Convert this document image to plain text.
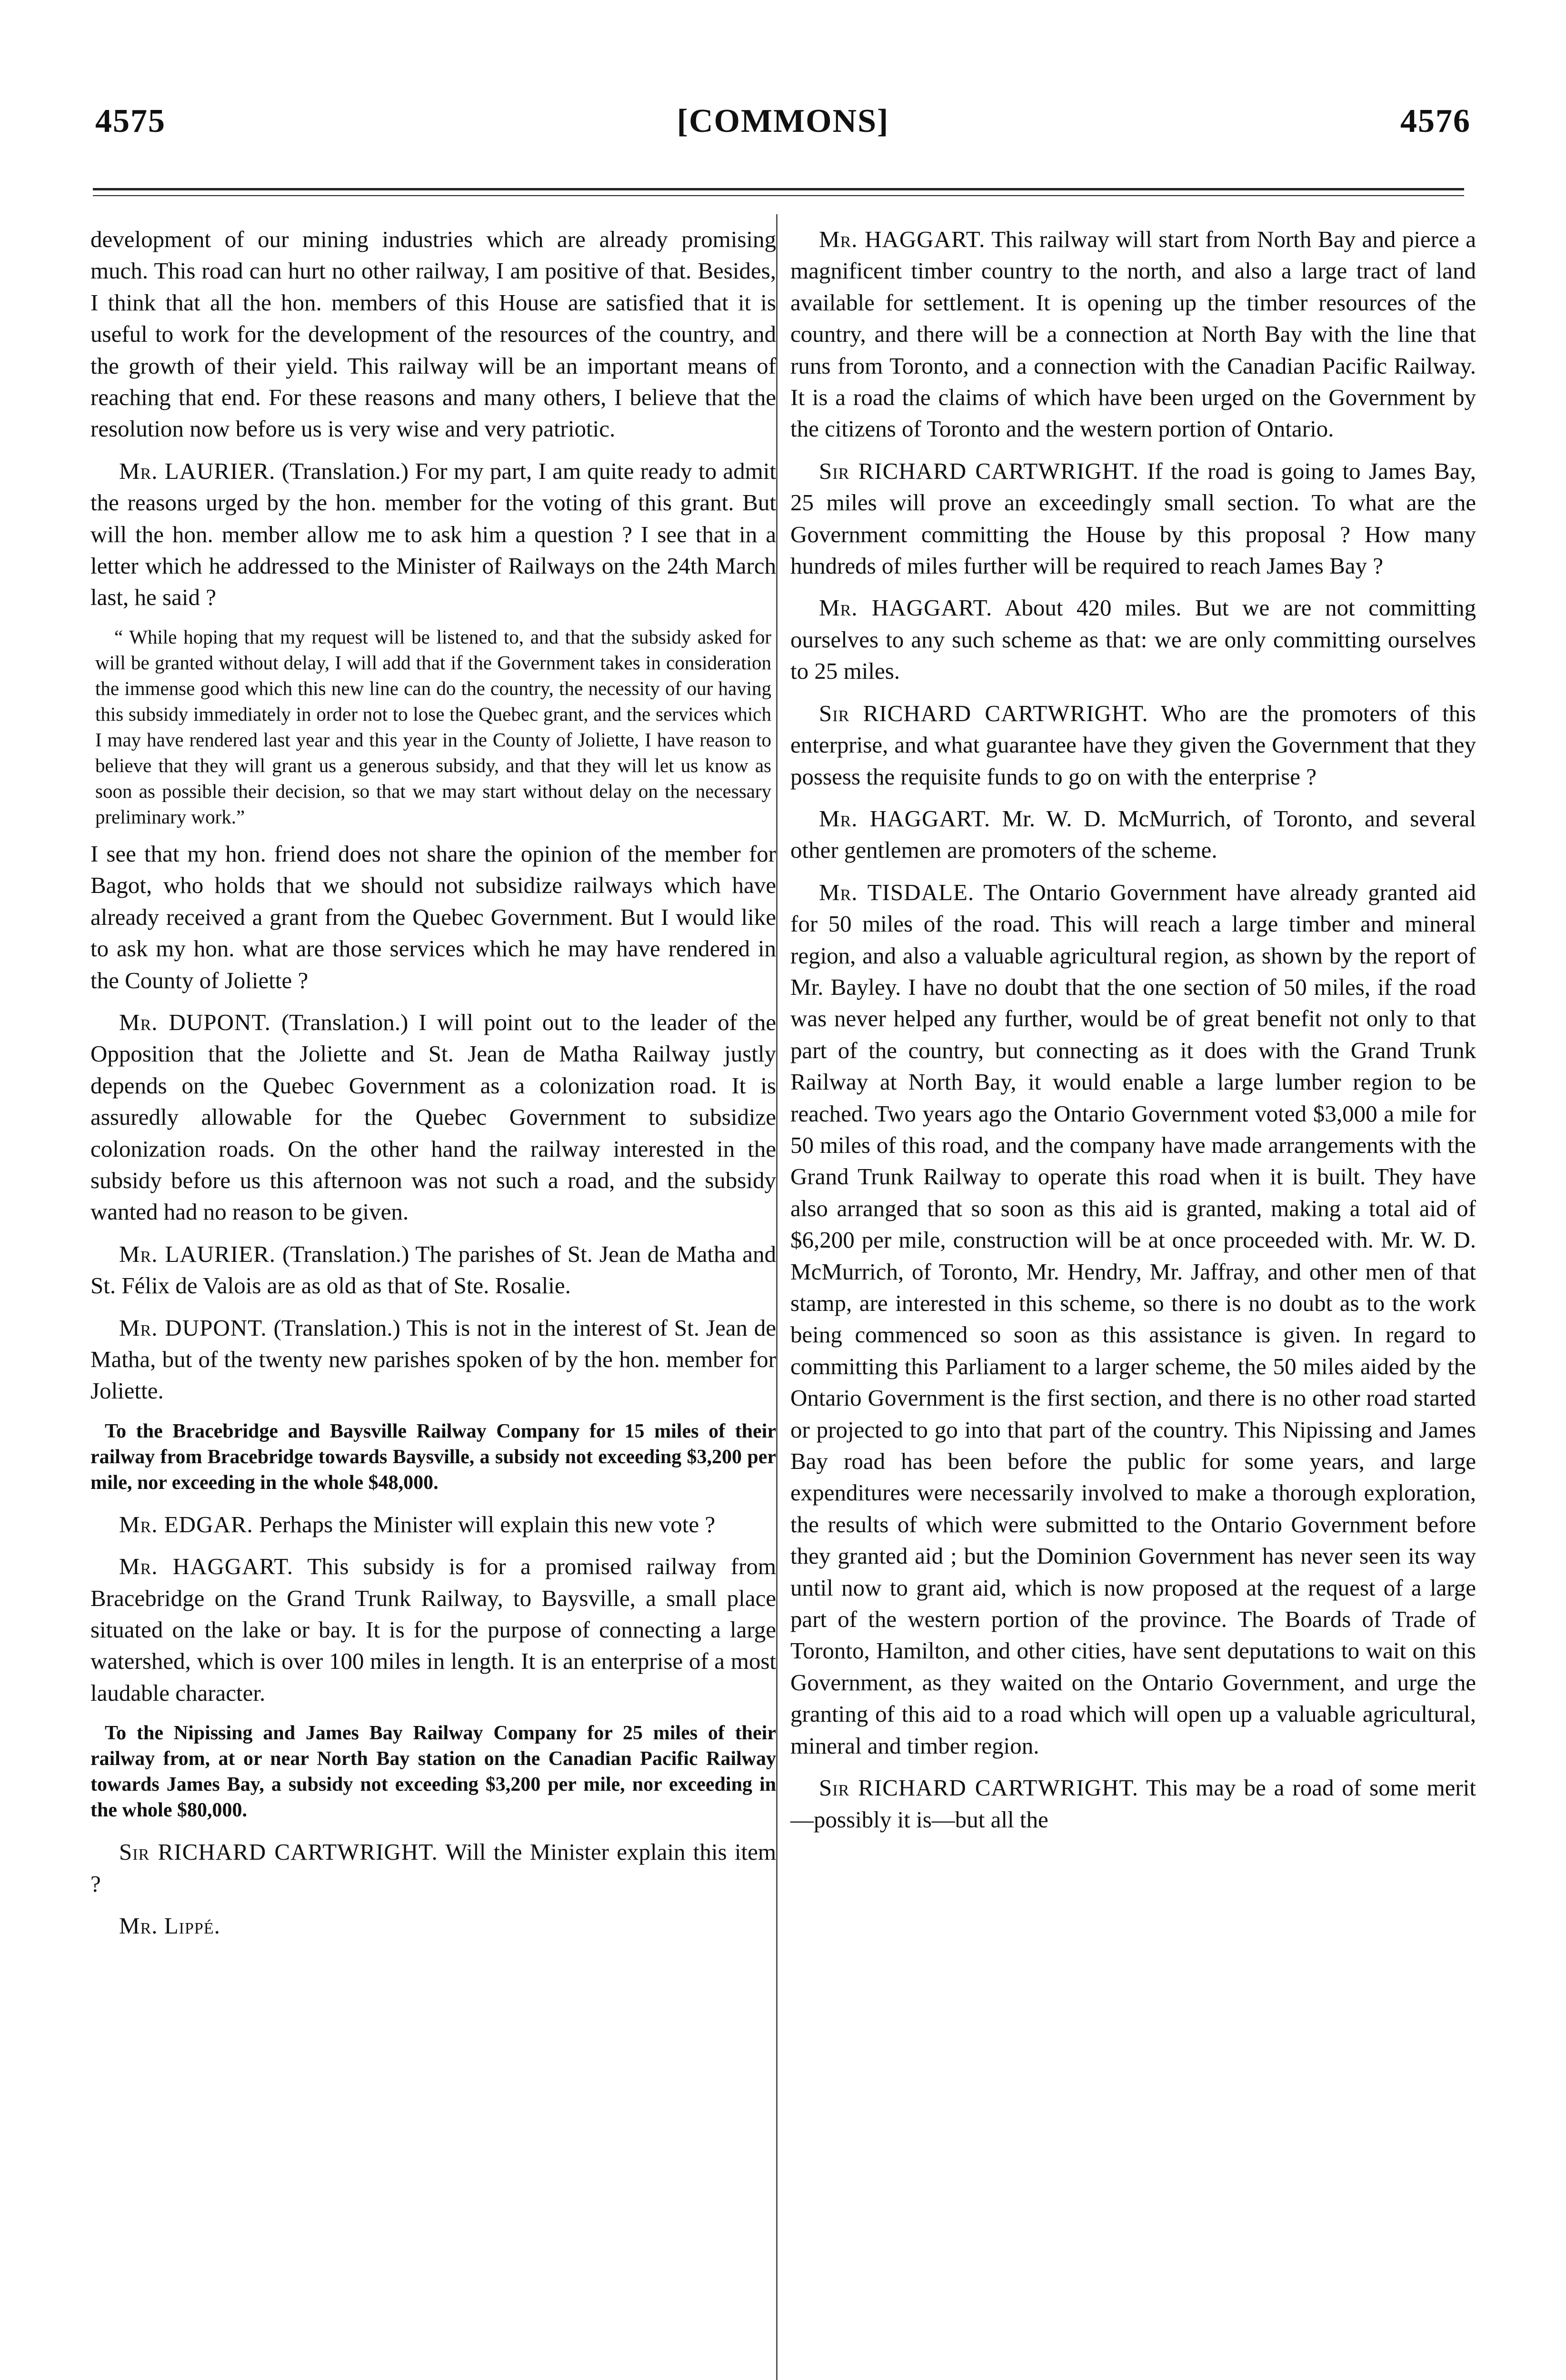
4575	[COMMONS]	4576

development of our mining industries which are already promising much. This road can hurt no other railway, I am positive of that. Besides, I think that all the hon. members of this House are satisfied that it is useful to work for the development of the resources of the country, and the growth of their yield. This railway will be an important means of reaching that end. For these reasons and many others, I believe that the resolution now before us is very wise and very patriotic.

Mr. LAURIER. (Translation.) For my part, I am quite ready to admit the reasons urged by the hon. member for the voting of this grant. But will the hon. member allow me to ask him a question ? I see that in a letter which he addressed to the Minister of Railways on the 24th March last, he said ?

“ While hoping that my request will be listened to, and that the subsidy asked for will be granted without delay, I will add that if the Government takes in consideration the immense good which this new line can do the country, the necessity of our having this subsidy immediately in order not to lose the Quebec grant, and the services which I may have rendered last year and this year in the County of Joliette, I have reason to believe that they will grant us a generous subsidy, and that they will let us know as soon as possible their decision, so that we may start without delay on the necessary preliminary work.”

I see that my hon. friend does not share the opinion of the member for Bagot, who holds that we should not subsidize railways which have already received a grant from the Quebec Government. But I would like to ask my hon. what are those services which he may have rendered in the County of Joliette ?

Mr. DUPONT. (Translation.) I will point out to the leader of the Opposition that the Joliette and St. Jean de Matha Railway justly depends on the Quebec Government as a colonization road. It is assuredly allowable for the Quebec Government to subsidize colonization roads. On the other hand the railway interested in the subsidy before us this afternoon was not such a road, and the subsidy wanted had no reason to be given.

Mr. LAURIER. (Translation.) The parishes of St. Jean de Matha and St. Félix de Valois are as old as that of Ste. Rosalie.

Mr. DUPONT. (Translation.) This is not in the interest of St. Jean de Matha, but of the twenty new parishes spoken of by the hon. member for Joliette.

To the Bracebridge and Baysville Railway Company for 15 miles of their railway from Bracebridge towards Baysville, a subsidy not exceeding $3,200 per mile, nor exceeding in the whole $48,000.

Mr. EDGAR. Perhaps the Minister will explain this new vote ?

Mr. HAGGART. This subsidy is for a promised railway from Bracebridge on the Grand Trunk Railway, to Baysville, a small place situated on the lake or bay. It is for the purpose of connecting a large watershed, which is over 100 miles in length. It is an enterprise of a most laudable character.

To the Nipissing and James Bay Railway Company for 25 miles of their railway from, at or near North Bay station on the Canadian Pacific Railway towards James Bay, a subsidy not exceeding $3,200 per mile, nor exceeding in the whole $80,000.

Sir RICHARD CARTWRIGHT. Will the Minister explain this item ?

Mr. Lippé.

Mr. HAGGART. This railway will start from North Bay and pierce a magnificent timber country to the north, and also a large tract of land available for settlement. It is opening up the timber resources of the country, and there will be a connection at North Bay with the line that runs from Toronto, and a connection with the Canadian Pacific Railway. It is a road the claims of which have been urged on the Government by the citizens of Toronto and the western portion of Ontario.

Sir RICHARD CARTWRIGHT. If the road is going to James Bay, 25 miles will prove an exceedingly small section. To what are the Government committing the House by this proposal ? How many hundreds of miles further will be required to reach James Bay ?

Mr. HAGGART. About 420 miles. But we are not committing ourselves to any such scheme as that: we are only committing ourselves to 25 miles.

Sir RICHARD CARTWRIGHT. Who are the promoters of this enterprise, and what guarantee have they given the Government that they possess the requisite funds to go on with the enterprise ?

Mr. HAGGART. Mr. W. D. McMurrich, of Toronto, and several other gentlemen are promoters of the scheme.

Mr. TISDALE. The Ontario Government have already granted aid for 50 miles of the road. This will reach a large timber and mineral region, and also a valuable agricultural region, as shown by the report of Mr. Bayley. I have no doubt that the one section of 50 miles, if the road was never helped any further, would be of great benefit not only to that part of the country, but connecting as it does with the Grand Trunk Railway at North Bay, it would enable a large lumber region to be reached. Two years ago the Ontario Government voted $3,000 a mile for 50 miles of this road, and the company have made arrangements with the Grand Trunk Railway to operate this road when it is built. They have also arranged that so soon as this aid is granted, making a total aid of $6,200 per mile, construction will be at once proceeded with. Mr. W. D. McMurrich, of Toronto, Mr. Hendry, Mr. Jaffray, and other men of that stamp, are interested in this scheme, so there is no doubt as to the work being commenced so soon as this assistance is given. In regard to committing this Parliament to a larger scheme, the 50 miles aided by the Ontario Government is the first section, and there is no other road started or projected to go into that part of the country. This Nipissing and James Bay road has been before the public for some years, and large expenditures were necessarily involved to make a thorough exploration, the results of which were submitted to the Ontario Government before they granted aid ; but the Dominion Government has never seen its way until now to grant aid, which is now proposed at the request of a large part of the western portion of the province. The Boards of Trade of Toronto, Hamilton, and other cities, have sent deputations to wait on this Government, as they waited on the Ontario Government, and urge the granting of this aid to a road which will open up a valuable agricultural, mineral and timber region.

Sir RICHARD CARTWRIGHT. This may be a road of some merit—possibly it is—but all the
